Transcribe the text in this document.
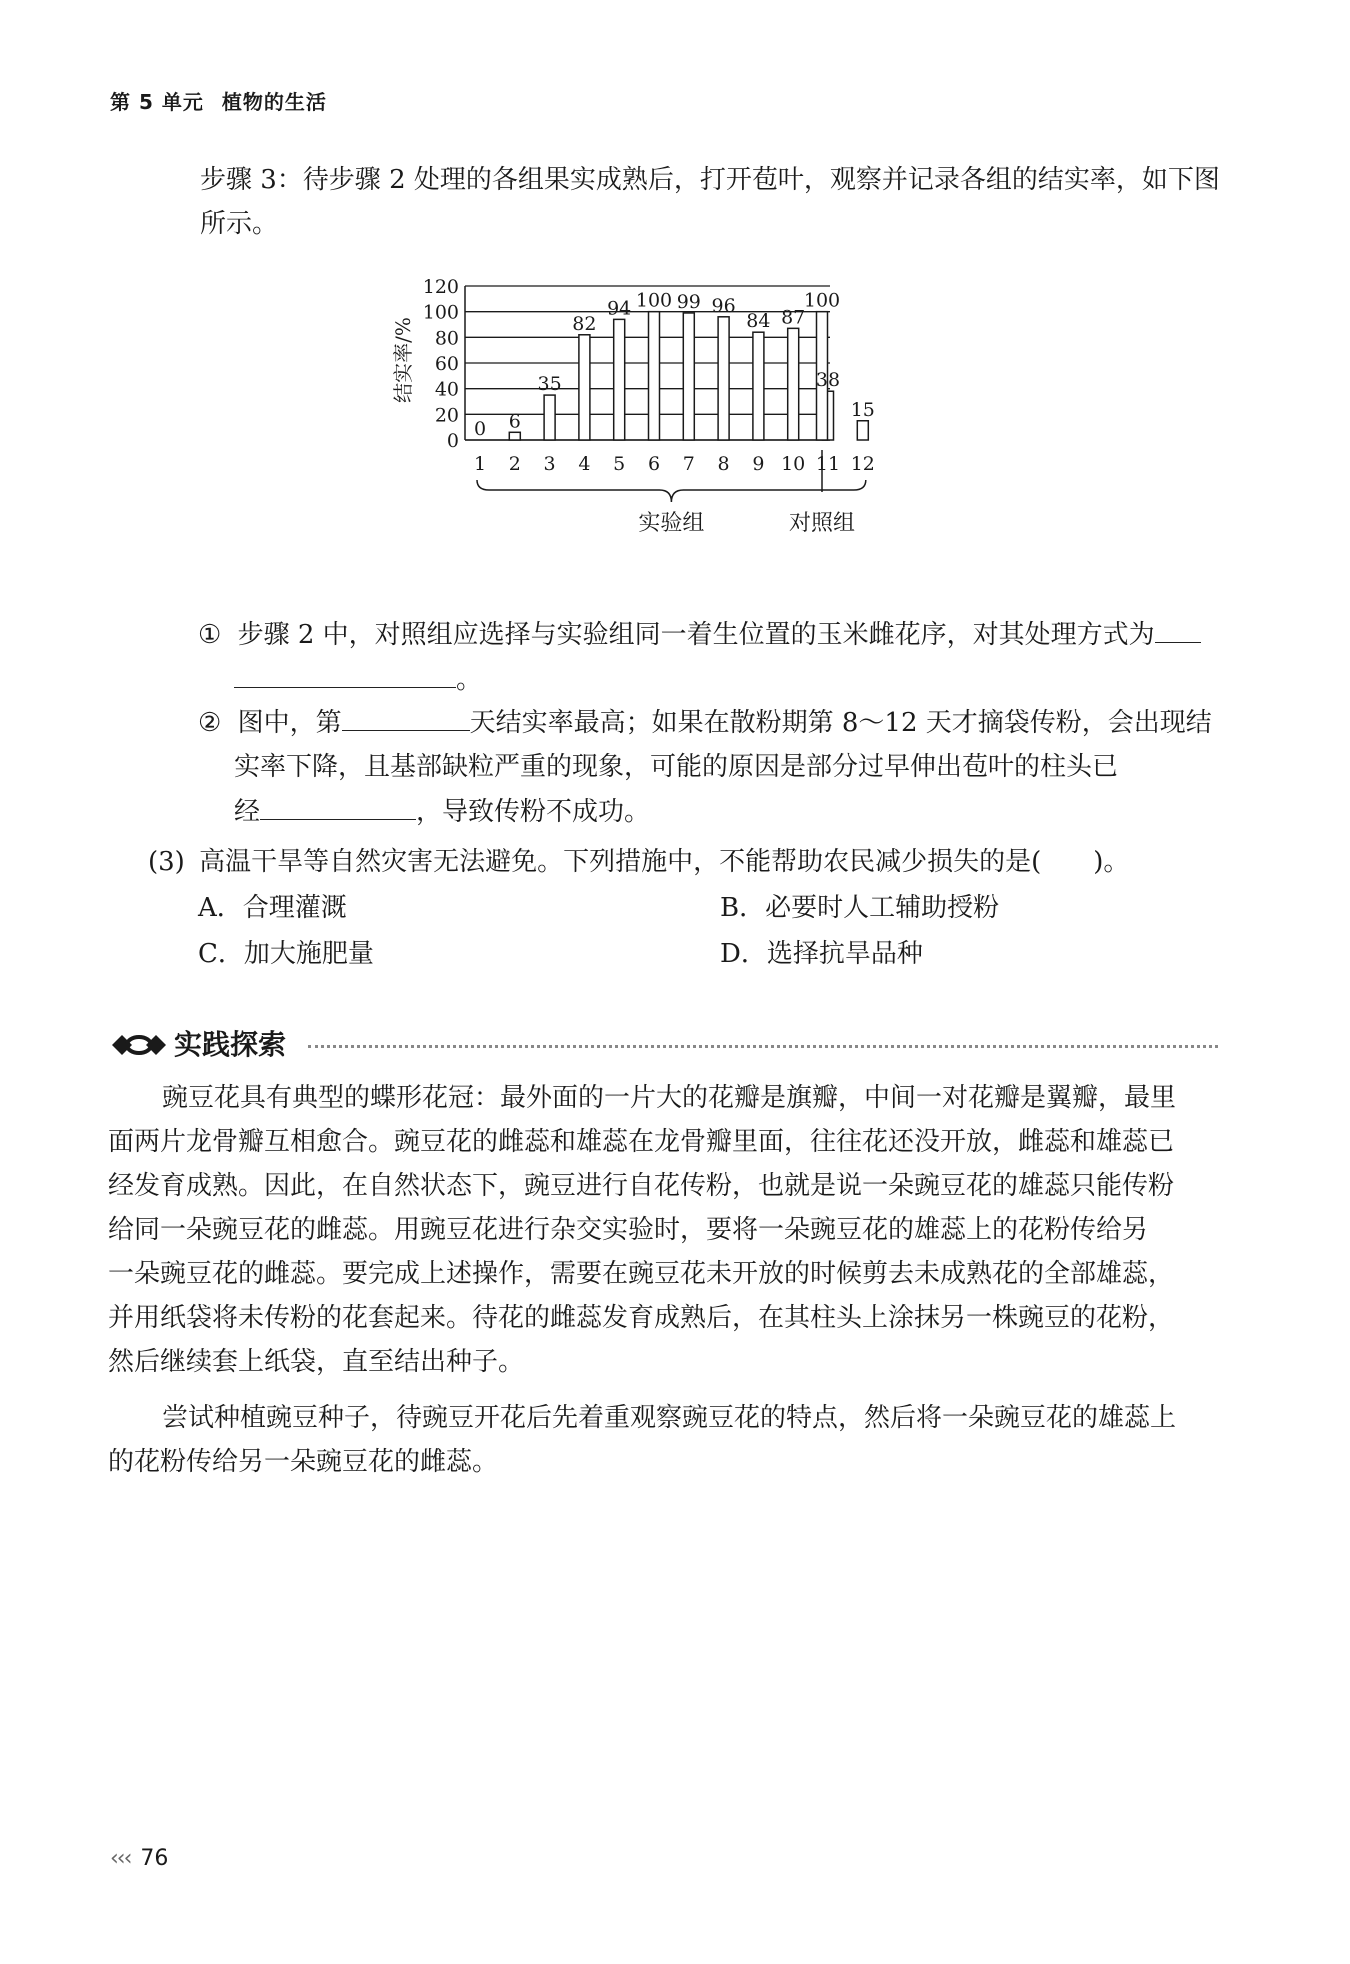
第 5 单元 植物的生活

步骤 3：待步骤 2 处理的各组果实成熟后，打开苞叶，观察并记录各组的结实率，如下图
所示。

结实率/%
0
20
40
60
80
100
120
0 6
35
82
94 100 99 96
84 87
38
15
100
1 2 3 4 5 6 7 8 9 10 11 12
实验组	对照组
① 步骤 2 中，对照组应选择与实验组同一着生位置的玉米雌花序，对其处理方式为
。
② 图中，第	天结实率最高；如果在散粉期第 8～12 天才摘袋传粉，会出现结
实率下降，且基部缺粒严重的现象，可能的原因是部分过早伸出苞叶的柱头已
经	，导致传粉不成功。
(3) 高温干旱等自然灾害无法避免。下列措施中，不能帮助农民减少损失的是( )。
A．合理灌溉	B．必要时人工辅助授粉
C．加大施肥量	D．选择抗旱品种
实践探索
豌豆花具有典型的蝶形花冠：最外面的一片大的花瓣是旗瓣，中间一对花瓣是翼瓣，最里
面两片龙骨瓣互相愈合。豌豆花的雌蕊和雄蕊在龙骨瓣里面，往往花还没开放，雌蕊和雄蕊已
经发育成熟。因此，在自然状态下，豌豆进行自花传粉，也就是说一朵豌豆花的雄蕊只能传粉
给同一朵豌豆花的雌蕊。用豌豆花进行杂交实验时，要将一朵豌豆花的雄蕊上的花粉传给另
一朵豌豆花的雌蕊。要完成上述操作，需要在豌豆花未开放的时候剪去未成熟花的全部雄蕊，
并用纸袋将未传粉的花套起来。待花的雌蕊发育成熟后，在其柱头上涂抹另一株豌豆的花粉，
然后继续套上纸袋，直至结出种子。
尝试种植豌豆种子，待豌豆开花后先着重观察豌豆花的特点，然后将一朵豌豆花的雄蕊上
的花粉传给另一朵豌豆花的雌蕊。
‹‹‹ 76
